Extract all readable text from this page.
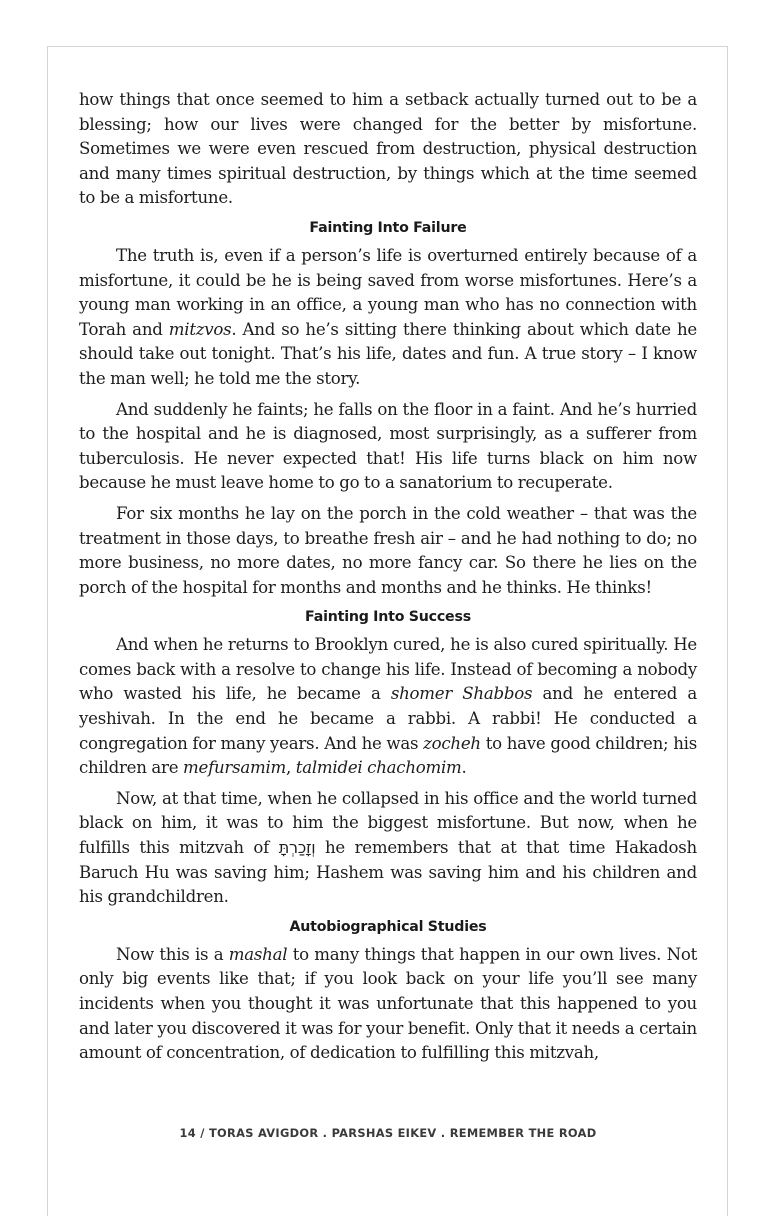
how things that once seemed to him a setback actually turned out to be a blessing; how our lives were changed for the better by misfortune. Sometimes we were even rescued from destruction, physical destruction and many times spiritual destruction, by things which at the time seemed to be a misfortune.

Fainting Into Failure

The truth is, even if a person’s life is overturned entirely because of a misfortune, it could be he is being saved from worse misfortunes. Here’s a young man working in an office, a young man who has no connection with Torah and mitzvos. And so he’s sitting there thinking about which date he should take out tonight. That’s his life, dates and fun. A true story – I know the man well; he told me the story.

And suddenly he faints; he falls on the floor in a faint. And he’s hurried to the hospital and he is diagnosed, most surprisingly, as a sufferer from tuberculosis. He never expected that! His life turns black on him now because he must leave home to go to a sanatorium to recuperate.

For six months he lay on the porch in the cold weather – that was the treatment in those days, to breathe fresh air – and he had nothing to do; no more business, no more dates, no more fancy car. So there he lies on the porch of the hospital for months and months and he thinks. He thinks!

Fainting Into Success

And when he returns to Brooklyn cured, he is also cured spiritually. He comes back with a resolve to change his life. Instead of becoming a nobody who wasted his life, he became a shomer Shabbos and he entered a yeshivah. In the end he became a rabbi. A rabbi! He conducted a congregation for many years. And he was zocheh to have good children; his children are mefursamim, talmidei chachomim.

Now, at that time, when he collapsed in his office and the world turned black on him, it was to him the biggest misfortune. But now, when he fulfills this mitzvah of וְזָכַרְתָּ he remembers that at that time Hakadosh Baruch Hu was saving him; Hashem was saving him and his children and his grandchildren.

Autobiographical Studies

Now this is a mashal to many things that happen in our own lives. Not only big events like that; if you look back on your life you’ll see many incidents when you thought it was unfortunate that this happened to you and later you discovered it was for your benefit. Only that it needs a certain amount of concentration, of dedication to fulfilling this mitzvah,

14 / TORAS AVIGDOR . PARSHAS EIKEV . REMEMBER THE ROAD
